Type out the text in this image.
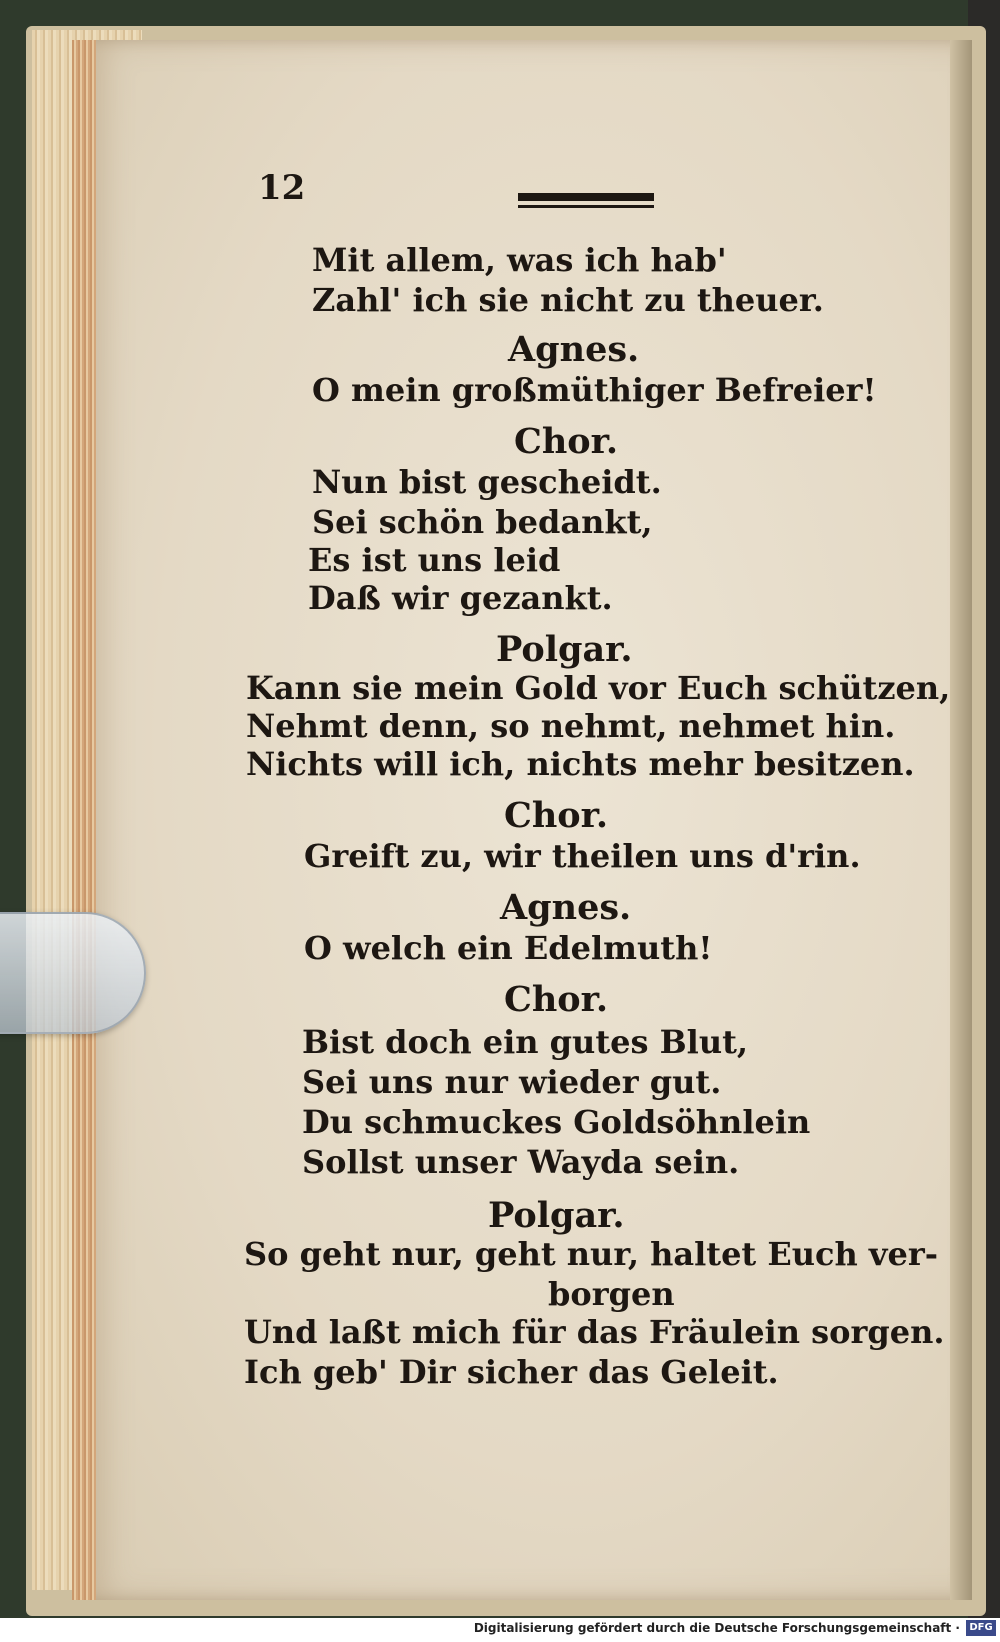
12
Mit allem, was ich hab'
Zahl' ich sie nicht zu theuer.
Agnes.
O mein großmüthiger Befreier!
Chor.
Nun bist gescheidt.
Sei schön bedankt,
Es ist uns leid
Daß wir gezankt.
Polgar.
Kann sie mein Gold vor Euch schützen,
Nehmt denn, so nehmt, nehmet hin.
Nichts will ich, nichts mehr besitzen.
Chor.
Greift zu, wir theilen uns d'rin.
Agnes.
O welch ein Edelmuth!
Chor.
Bist doch ein gutes Blut,
Sei uns nur wieder gut.
Du schmuckes Goldsöhnlein
Sollst unser Wayda sein.
Polgar.
So geht nur, geht nur, haltet Euch ver-
borgen
Und laßt mich für das Fräulein sorgen.
Ich geb' Dir sicher das Geleit.
Digitalisierung gefördert durch die Deutsche Forschungsgemeinschaft · DFG
